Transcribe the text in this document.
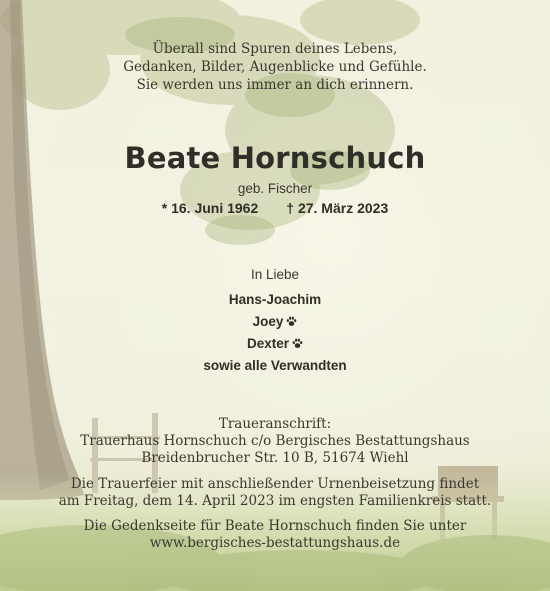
Überall sind Spuren deines Lebens,
Gedanken, Bilder, Augenblicke und Gefühle.
Sie werden uns immer an dich erinnern.
Beate Hornschuch
geb. Fischer
* 16. Juni 1962 † 27. März 2023
In Liebe
Hans-Joachim
Joey
Dexter
sowie alle Verwandten
Traueranschrift:
Trauerhaus Hornschuch c/o Bergisches Bestattungshaus
Breidenbrucher Str. 10 B, 51674 Wiehl
Die Trauerfeier mit anschließender Urnenbeisetzung findet
am Freitag, dem 14. April 2023 im engsten Familienkreis statt.
Die Gedenkseite für Beate Hornschuch finden Sie unter
www.bergisches-bestattungshaus.de
